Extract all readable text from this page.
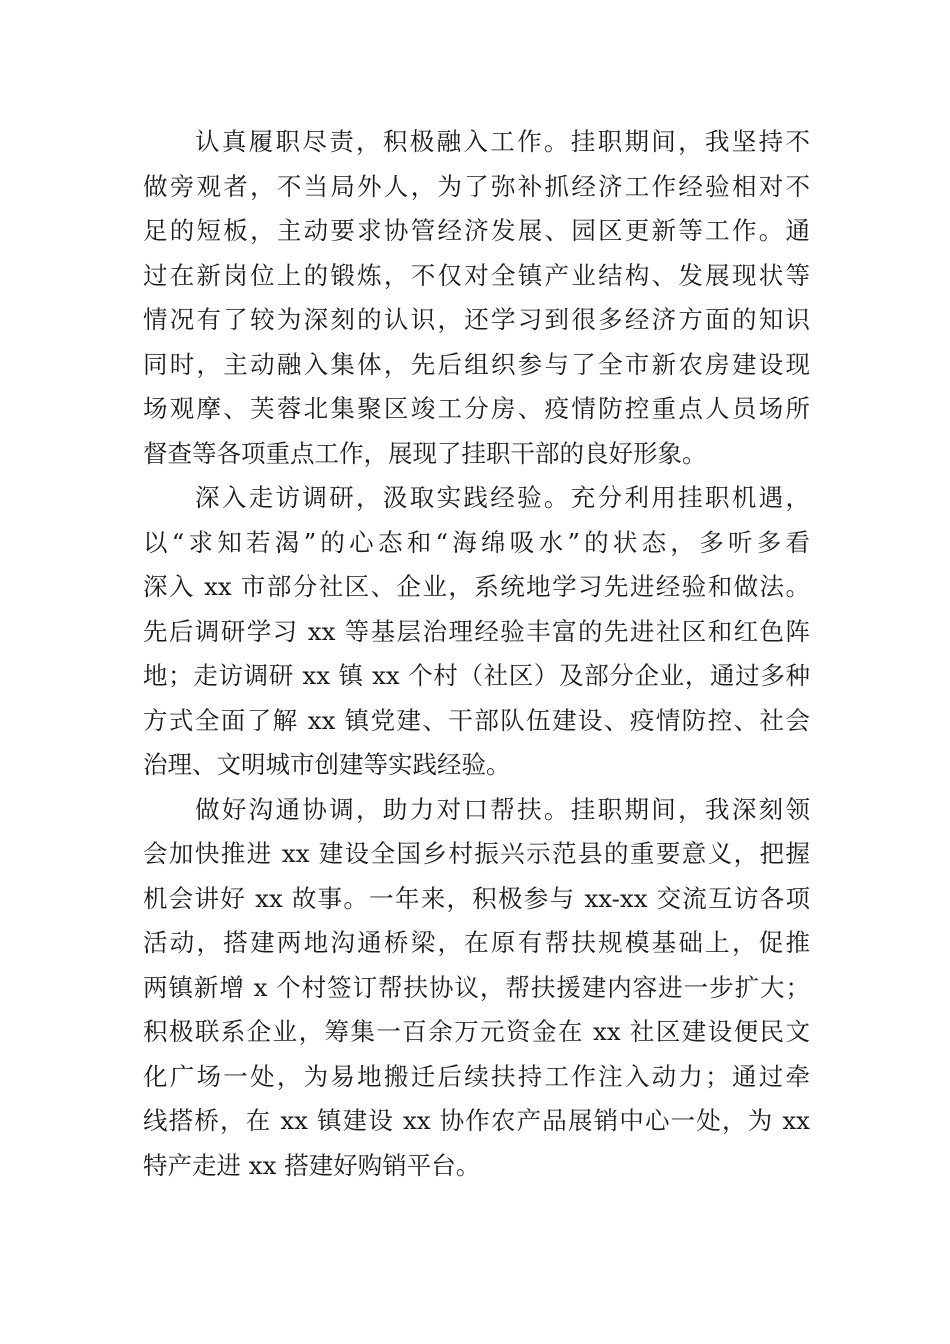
认真履职尽责，积极融入工作。挂职期间，我坚持不
做旁观者，不当局外人，为了弥补抓经济工作经验相对不
足的短板，主动要求协管经济发展、园区更新等工作。通
过在新岗位上的锻炼，不仅对全镇产业结构、发展现状等
情况有了较为深刻的认识，还学习到很多经济方面的知识
同时，主动融入集体，先后组织参与了全市新农房建设现
场观摩、芙蓉北集聚区竣工分房、疫情防控重点人员场所
督查等各项重点工作，展现了挂职干部的良好形象。
深入走访调研，汲取实践经验。充分利用挂职机遇，
以“求知若渴”的心态和“海绵吸水”的状态，多听多看
深入 xx 市部分社区、企业，系统地学习先进经验和做法。
先后调研学习 xx 等基层治理经验丰富的先进社区和红色阵
地；走访调研 xx 镇 xx 个村（社区）及部分企业，通过多种
方式全面了解 xx 镇党建、干部队伍建设、疫情防控、社会
治理、文明城市创建等实践经验。
做好沟通协调，助力对口帮扶。挂职期间，我深刻领
会加快推进 xx 建设全国乡村振兴示范县的重要意义，把握
机会讲好 xx 故事。一年来，积极参与 xx-xx 交流互访各项
活动，搭建两地沟通桥梁，在原有帮扶规模基础上，促推
两镇新增 x 个村签订帮扶协议，帮扶援建内容进一步扩大；
积极联系企业，筹集一百余万元资金在 xx 社区建设便民文
化广场一处，为易地搬迁后续扶持工作注入动力；通过牵
线搭桥，在 xx 镇建设 xx 协作农产品展销中心一处，为 xx
特产走进 xx 搭建好购销平台。
